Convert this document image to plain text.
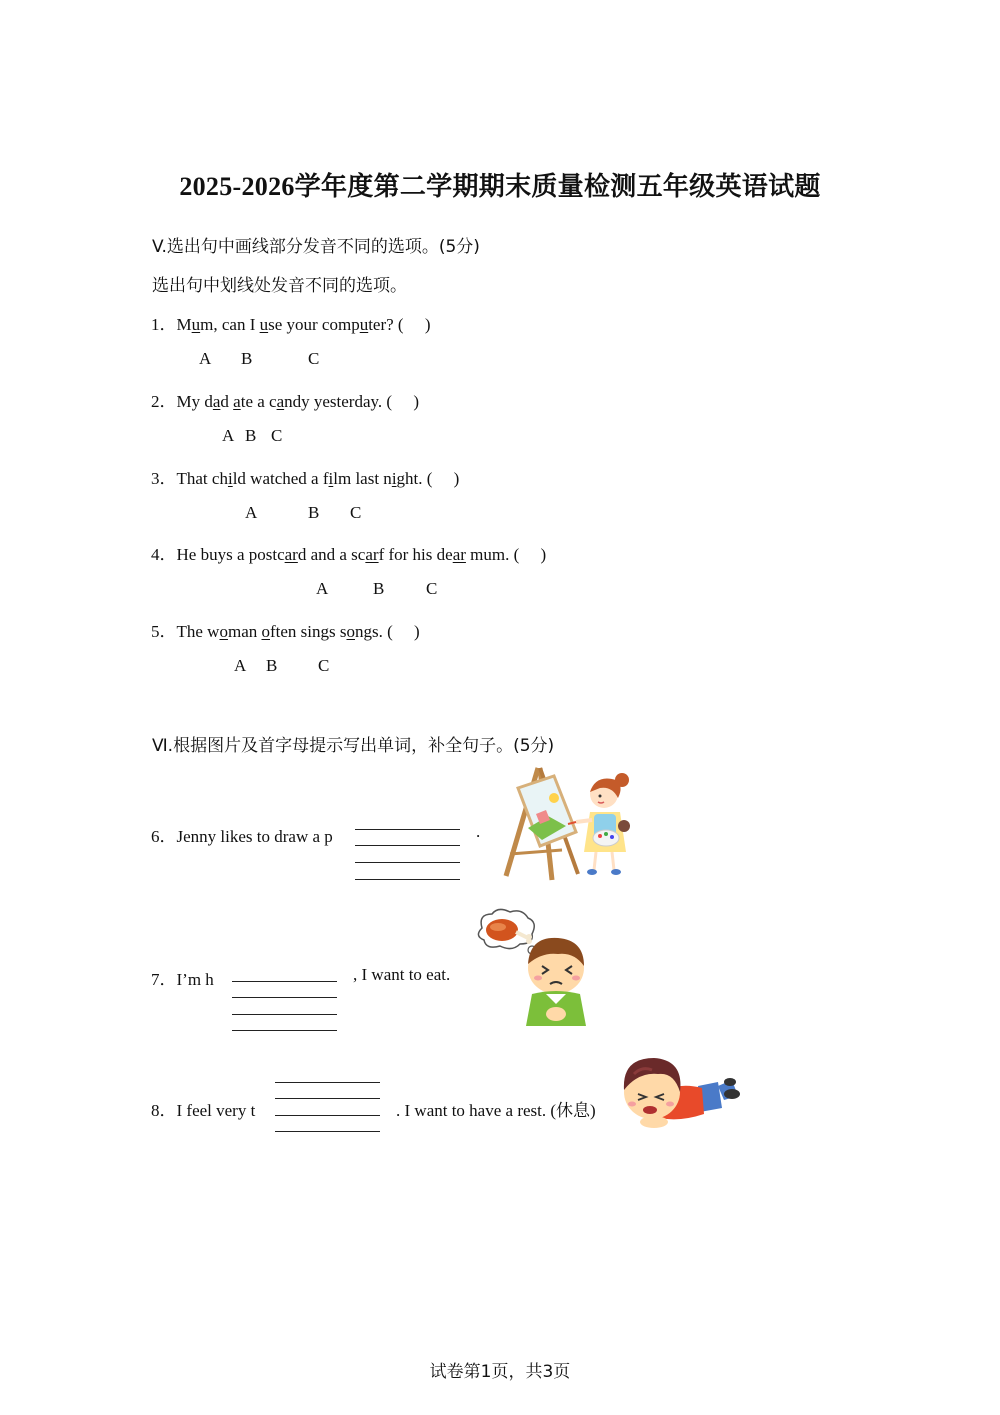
2025-2026学年度第二学期期末质量检测五年级英语试题
V.选出句中画线部分发音不同的选项。(5分)
选出句中划线处发音不同的选项。
1．Mum, can I use your computer? (　 )
A B	C
2．My dad ate a candy yesterday. (　 )
A B C
3．That child watched a film last night. (　 )
A	B C
4．He buys a postcard and a scarf for his dear mum. (　 )
A	B C
5．The woman often sings songs. (　 )
A B C
Ⅵ.根据图片及首字母提示写出单词，补全句子。(5分)
6．Jenny likes to draw a p	.
7．I’m h	, I want to eat.
8．I feel very t	. I want to have a rest. (休息)
试卷第1页，共3页
